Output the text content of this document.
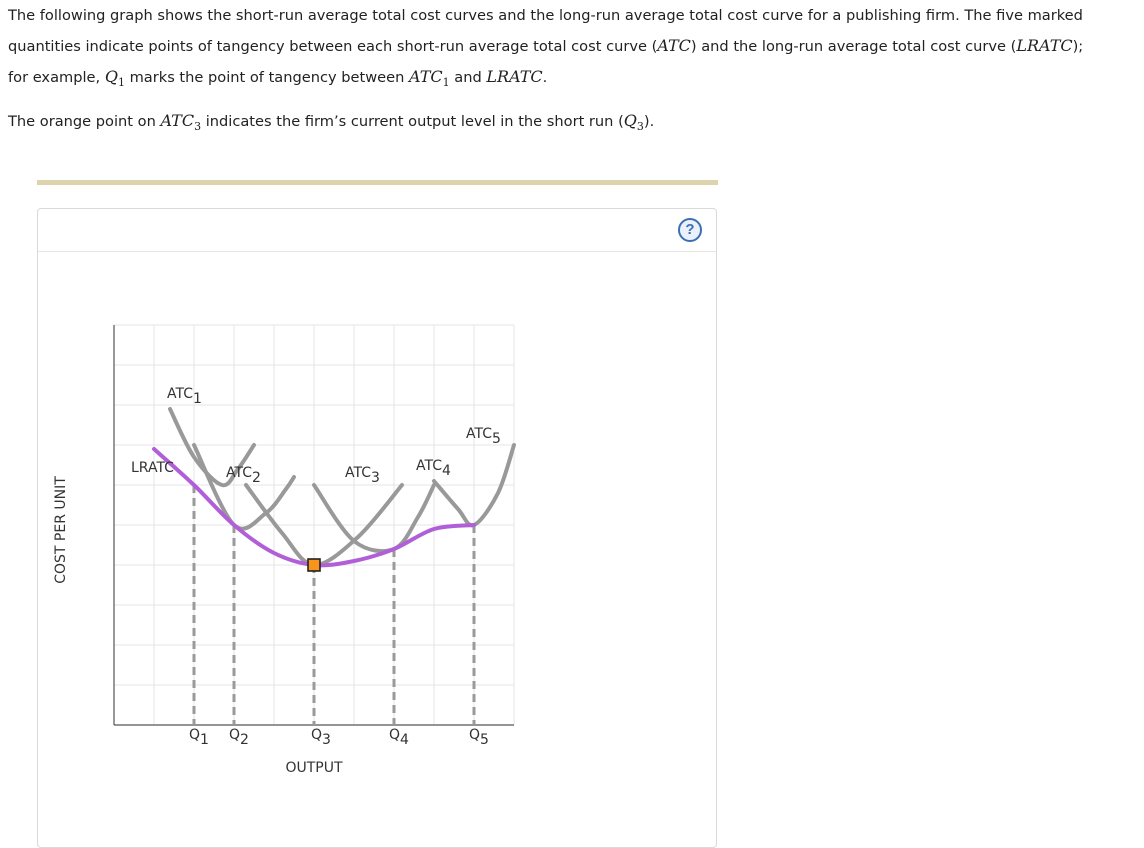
The following graph shows the short-run average total cost curves and the long-run average total cost curve for a publishing firm. The five marked
quantities indicate points of tangency between each short-run average total cost curve (ATC) and the long-run average total cost curve (LRATC);
for example, $Q_1$ marks the point of tangency between $ATC_1$ and LRATC.

The orange point on $ATC_3$ indicates the firm’s current output level in the short run $(Q_3)$.

?
ATC1
ATC2	ATC3
ATC4
ATC5
LRATC
Q1 Q2	Q3	Q4	Q5
OUTPUT
COST PER UNIT
